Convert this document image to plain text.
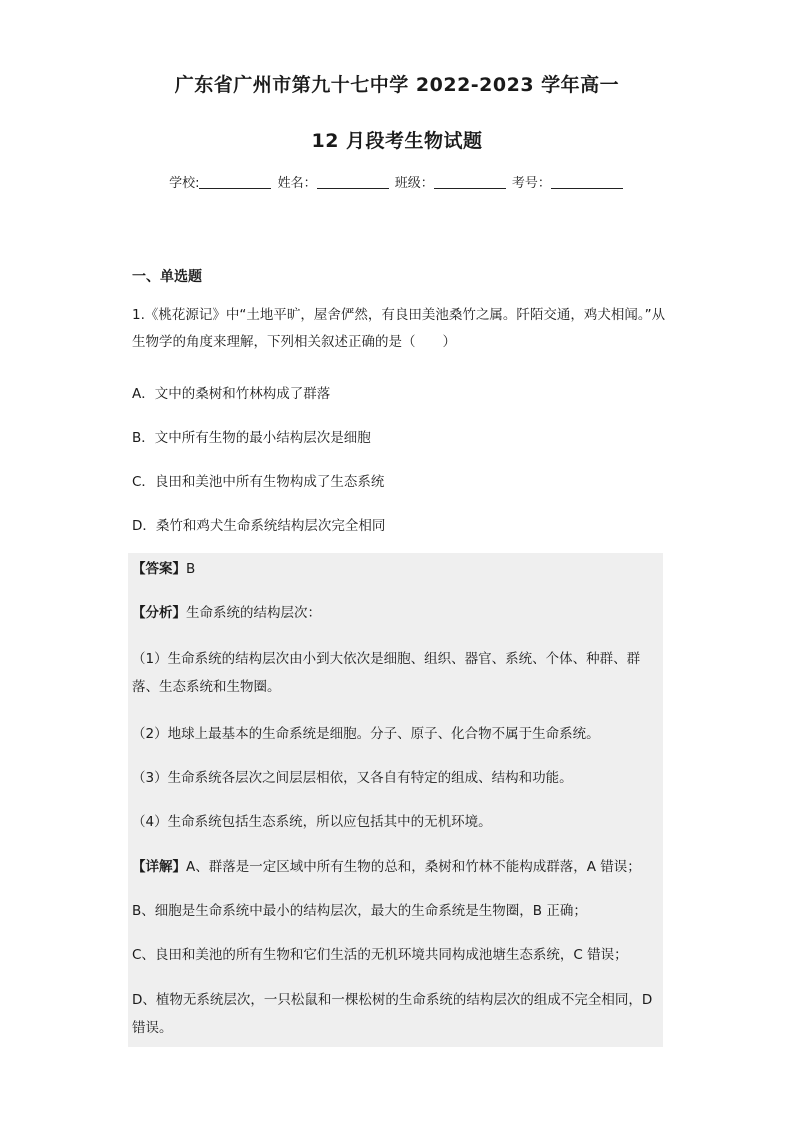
广东省广州市第九十七中学 2022-2023 学年高一
12 月段考生物试题
学校:	姓名：	班级：	考号：
一、单选题
1.《桃花源记》中“土地平旷，屋舍俨然，有良田美池桑竹之属。阡陌交通，鸡犬相闻。”从生物学的角度来理解，下列相关叙述正确的是（　　）
A．文中的桑树和竹林构成了群落
B．文中所有生物的最小结构层次是细胞
C．良田和美池中所有生物构成了生态系统
D．桑竹和鸡犬生命系统结构层次完全相同
【答案】B
【分析】生命系统的结构层次：
（1）生命系统的结构层次由小到大依次是细胞、组织、器官、系统、个体、种群、群落、生态系统和生物圈。
（2）地球上最基本的生命系统是细胞。分子、原子、化合物不属于生命系统。
（3）生命系统各层次之间层层相依，又各自有特定的组成、结构和功能。
（4）生命系统包括生态系统，所以应包括其中的无机环境。
【详解】A、群落是一定区域中所有生物的总和，桑树和竹林不能构成群落，A 错误；
B、细胞是生命系统中最小的结构层次，最大的生命系统是生物圈，B 正确；
C、良田和美池的所有生物和它们生活的无机环境共同构成池塘生态系统，C 错误；
D、植物无系统层次，一只松鼠和一棵松树的生命系统的结构层次的组成不完全相同，D 错误。
